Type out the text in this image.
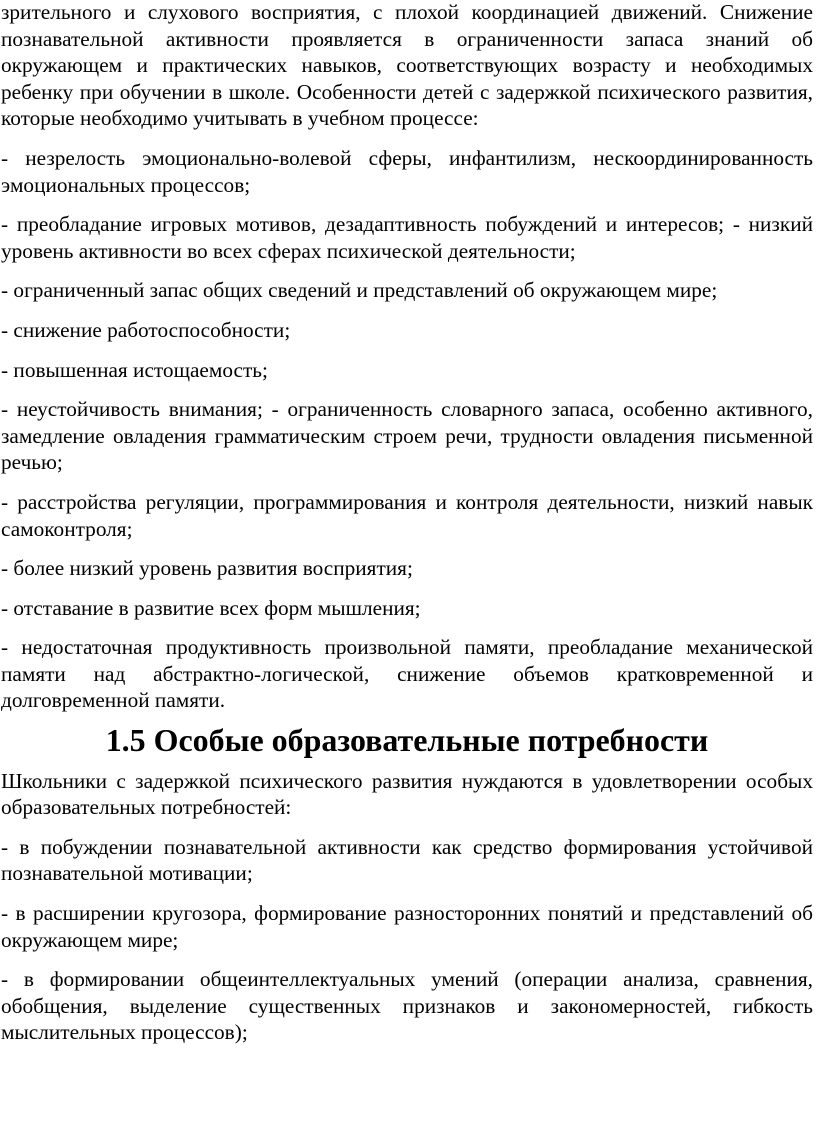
зрительного и слухового восприятия, с плохой координацией движений. Снижение познавательной активности проявляется в ограниченности запаса знаний об окружающем и практических навыков, соответствующих возрасту и необходимых ребенку при обучении в школе. Особенности детей с задержкой психического развития, которые необходимо учитывать в учебном процессе:

- незрелость эмоционально-волевой сферы, инфантилизм, нескоординированность эмоциональных процессов;

- преобладание игровых мотивов, дезадаптивность побуждений и интересов; - низкий уровень активности во всех сферах психической деятельности;

- ограниченный запас общих сведений и представлений об окружающем мире;

- снижение работоспособности;

- повышенная истощаемость;

- неустойчивость внимания; - ограниченность словарного запаса, особенно активного, замедление овладения грамматическим строем речи, трудности овладения письменной речью;

- расстройства регуляции, программирования и контроля деятельности, низкий навык самоконтроля;

- более низкий уровень развития восприятия;

- отставание в развитие всех форм мышления;

- недостаточная продуктивность произвольной памяти, преобладание механической памяти над абстрактно-логической, снижение объемов кратковременной и долговременной памяти.

1.5 Особые образовательные потребности

Школьники с задержкой психического развития нуждаются в удовлетворении особых образовательных потребностей:

- в побуждении познавательной активности как средство формирования устойчивой познавательной мотивации;

- в расширении кругозора, формирование разносторонних понятий и представлений об окружающем мире;

- в формировании общеинтеллектуальных умений (операции анализа, сравнения, обобщения, выделение существенных признаков и закономерностей, гибкость мыслительных процессов);
